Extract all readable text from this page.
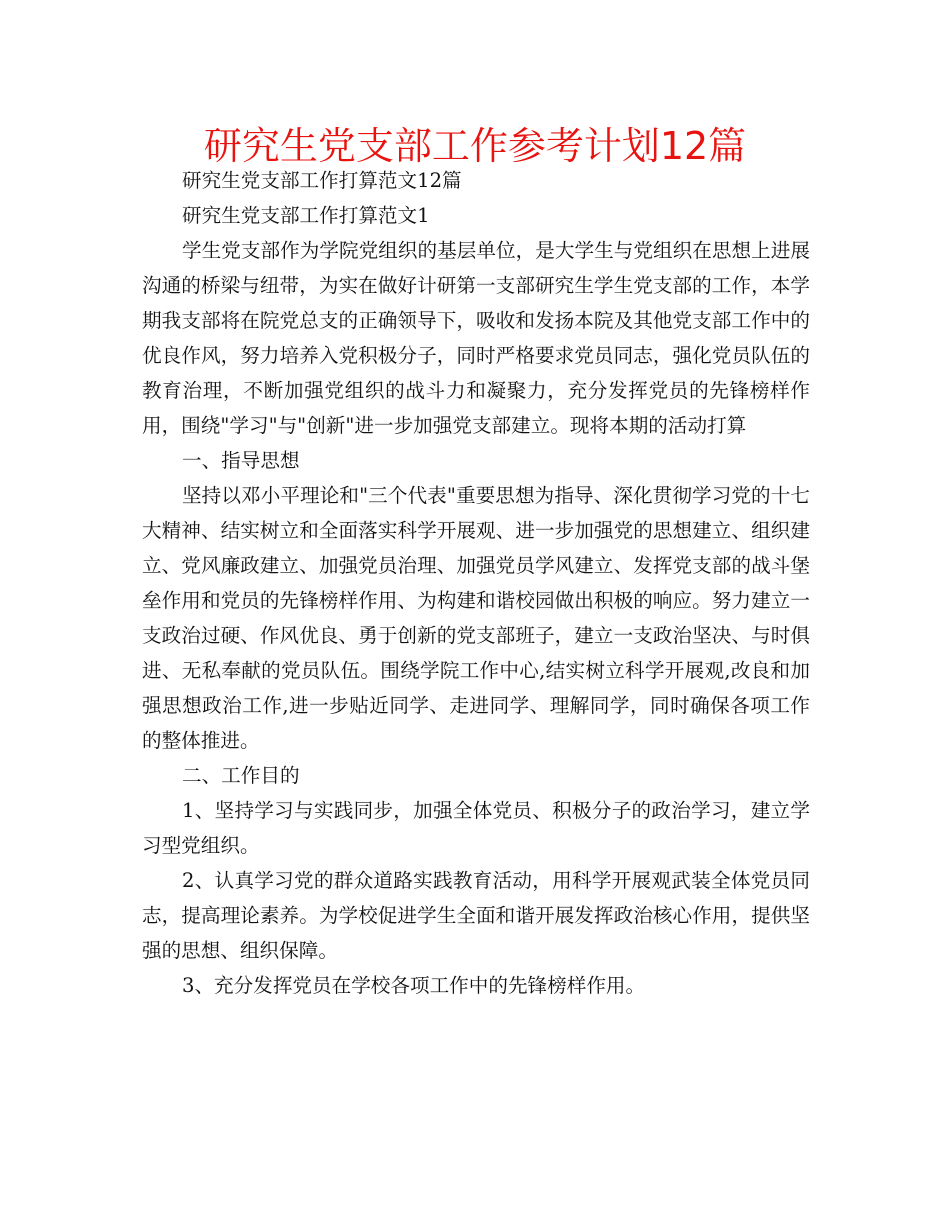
研究生党支部工作参考计划12篇

研究生党支部工作打算范文12篇

研究生党支部工作打算范文1

学生党支部作为学院党组织的基层单位，是大学生与党组织在思想上进展沟通的桥梁与纽带，为实在做好计研第一支部研究生学生党支部的工作，本学期我支部将在院党总支的正确领导下，吸收和发扬本院及其他党支部工作中的优良作风，努力培养入党积极分子，同时严格要求党员同志，强化党员队伍的教育治理，不断加强党组织的战斗力和凝聚力，充分发挥党员的先锋榜样作用，围绕"学习"与"创新"进一步加强党支部建立。现将本期的活动打算

一、指导思想

坚持以邓小平理论和"三个代表"重要思想为指导、深化贯彻学习党的十七大精神、结实树立和全面落实科学开展观、进一步加强党的思想建立、组织建立、党风廉政建立、加强党员治理、加强党员学风建立、发挥党支部的战斗堡垒作用和党员的先锋榜样作用、为构建和谐校园做出积极的响应。努力建立一支政治过硬、作风优良、勇于创新的党支部班子，建立一支政治坚决、与时俱进、无私奉献的党员队伍。围绕学院工作中心,结实树立科学开展观,改良和加强思想政治工作,进一步贴近同学、走进同学、理解同学，同时确保各项工作的整体推进。

二、工作目的

1、坚持学习与实践同步，加强全体党员、积极分子的政治学习，建立学习型党组织。

2、认真学习党的群众道路实践教育活动，用科学开展观武装全体党员同志，提高理论素养。为学校促进学生全面和谐开展发挥政治核心作用，提供坚强的思想、组织保障。

3、充分发挥党员在学校各项工作中的先锋榜样作用。
